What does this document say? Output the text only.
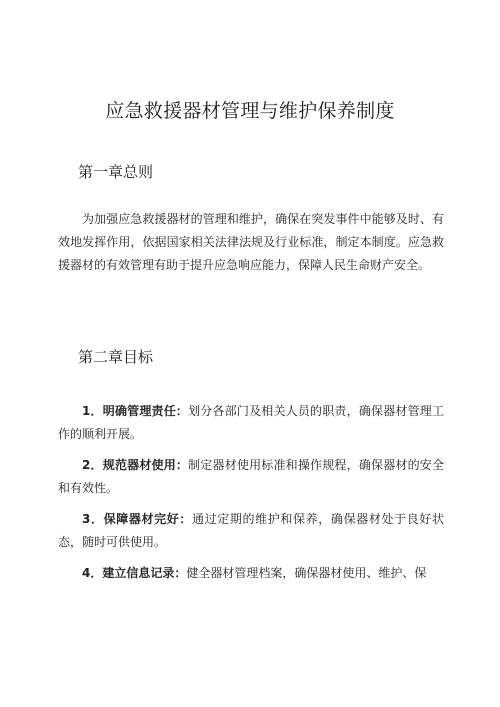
应急救援器材管理与维护保养制度
第一章总则

为加强应急救援器材的管理和维护，确保在突发事件中能够及时、有效地发挥作用，依据国家相关法律法规及行业标准，制定本制度。应急救援器材的有效管理有助于提升应急响应能力，保障人民生命财产安全。

第二章目标

1．明确管理责任：划分各部门及相关人员的职责，确保器材管理工作的顺利开展。

2．规范器材使用：制定器材使用标准和操作规程，确保器材的安全和有效性。

3．保障器材完好：通过定期的维护和保养，确保器材处于良好状态，随时可供使用。

4．建立信息记录：健全器材管理档案，确保器材使用、维护、保
